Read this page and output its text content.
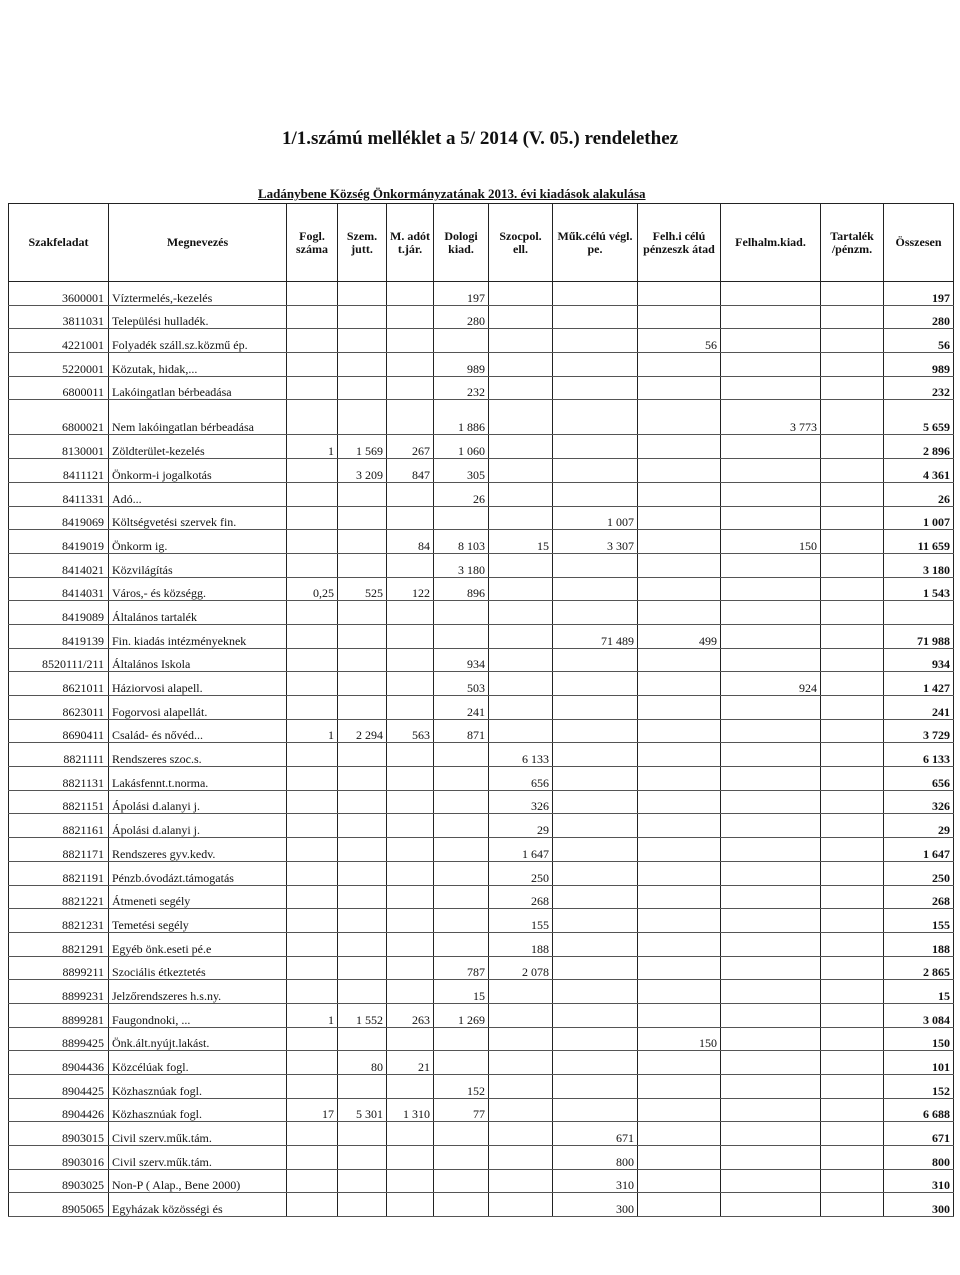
1/1.számú melléklet a 5/ 2014 (V. 05.) rendelethez
Ladánybene Község Önkormányzatának 2013. évi kiadások alakulása
Szakfeladat	Megnevezés	Fogl. száma	Szem. jutt.	M. adót t.jár.	Dologi kiad.	Szocpol. ell.	Műk.célú végl. pe.	Felh.i célú pénzeszk átad	Felhalm.kiad.	Tartalék /pénzm.	Összesen
3600001	Víztermelés,-kezelés				197						197
3811031	Települési hulladék.				280						280
4221001	Folyadék száll.sz.közmű ép.							56			56
5220001	Közutak, hidak,...				989						989
6800011	Lakóingatlan bérbeadása				232						232
6800021	Nem lakóingatlan bérbeadása				1 886				3 773		5 659
8130001	Zöldterület-kezelés	1	1 569	267	1 060						2 896
8411121	Önkorm-i jogalkotás		3 209	847	305						4 361
8411331	Adó...				26						26
8419069	Költségvetési szervek fin.						1 007				1 007
8419019	Önkorm ig.			84	8 103	15	3 307		150		11 659
8414021	Közvilágítás				3 180						3 180
8414031	Város,- és községg.	0,25	525	122	896						1 543
8419089	Általános tartalék										
8419139	Fin. kiadás intézményeknek						71 489	499			71 988
8520111/211	Általános Iskola				934						934
8621011	Háziorvosi alapell.				503				924		1 427
8623011	Fogorvosi alapellát.				241						241
8690411	Család- és nővéd...	1	2 294	563	871						3 729
8821111	Rendszeres szoc.s.					6 133					6 133
8821131	Lakásfennt.t.norma.					656					656
8821151	Ápolási d.alanyi j.					326					326
8821161	Ápolási d.alanyi j.					29					29
8821171	Rendszeres gyv.kedv.					1 647					1 647
8821191	Pénzb.óvodázt.támogatás					250					250
8821221	Átmeneti segély					268					268
8821231	Temetési segély					155					155
8821291	Egyéb önk.eseti pé.e					188					188
8899211	Szociális étkeztetés				787	2 078					2 865
8899231	Jelzőrendszeres h.s.ny.				15						15
8899281	Faugondnoki, ...	1	1 552	263	1 269						3 084
8899425	Önk.ált.nyújt.lakást.							150			150
8904436	Közcélúak fogl.		80	21							101
8904425	Közhasznúak fogl.				152						152
8904426	Közhasznúak fogl.	17	5 301	1 310	77						6 688
8903015	Civil szerv.műk.tám.						671				671
8903016	Civil szerv.műk.tám.						800				800
8903025	Non-P ( Alap., Bene 2000)						310				310
8905065	Egyházak közösségi és						300				300
